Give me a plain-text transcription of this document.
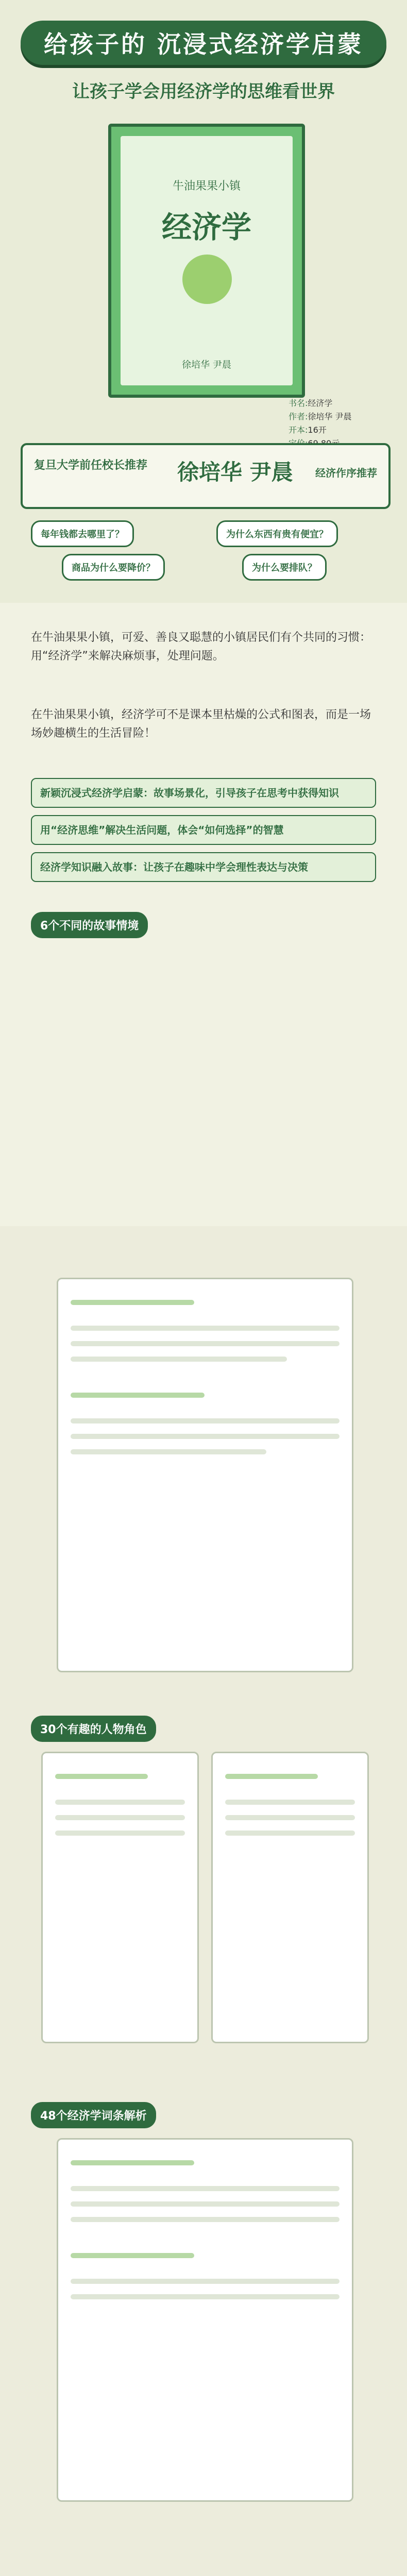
给孩子的 沉浸式经济学启蒙
让孩子学会用经济学的思维看世界
牛油果果小镇
经济学
徐培华 尹晨
书名:经济学
作者:徐培华 尹晨
开本:16开
复旦大学前任校长推荐 徐培华 尹晨 经济作序推荐
每年钱都去哪里了？	为什么东西有贵有便宜？
商品为什么要降价？	为什么要排队？

在牛油果果小镇，可爱、善良又聪慧的小镇居民们有个共同的习惯：用“经济学”来解决麻烦事，处理问题。

在牛油果果小镇，经济学可不是课本里枯燥的公式和图表，而是一场场妙趣横生的生活冒险！

新颖沉浸式经济学启蒙：故事场景化，引导孩子在思考中获得知识
用“经济思维”解决生活问题，体会“如何选择”的智慧
经济学知识融入故事：让孩子在趣味中学会理性表达与决策
6个不同的故事情境
30个有趣的人物角色
48个经济学词条解析
